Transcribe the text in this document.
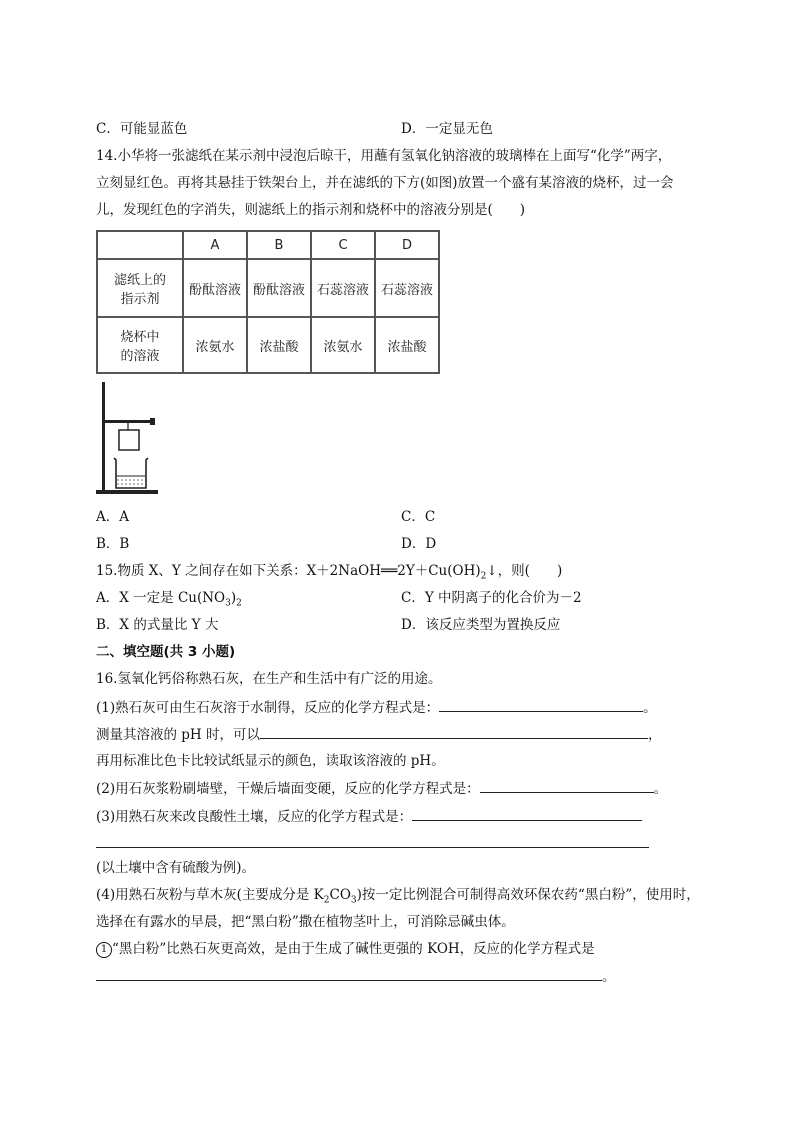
C．可能显蓝色	D．一定显无色
14.小华将一张滤纸在某示剂中浸泡后晾干，用蘸有氢氧化钠溶液的玻璃棒在上面写“化学”两字，
立刻显红色。再将其悬挂于铁架台上，并在滤纸的下方(如图)放置一个盛有某溶液的烧杯，过一会
儿，发现红色的字消失，则滤纸上的指示剂和烧杯中的溶液分别是(　　)
	A	B	C	D

滤纸上的
指示剂	酚酞溶液	酚酞溶液	石蕊溶液	石蕊溶液

烧杯中
的溶液	浓氨水	浓盐酸	浓氨水	浓盐酸
A．A	C．C
B．B	D．D
15.物质 X、Y 之间存在如下关系：$X+2NaOH══2Y+Cu(OH)_2↓$，则(　　)
A．X 一定是 $Cu(NO_3)_2$	C．Y 中阴离子的化合价为－2
B．X 的式量比 Y 大	D．该反应类型为置换反应
二、填空题(共 3 小题)
16.氢氧化钙俗称熟石灰，在生产和生活中有广泛的用途。
(1)熟石灰可由生石灰溶于水制得，反应的化学方程式是：	。
测量其溶液的 pH 时，可以	，
再用标准比色卡比较试纸显示的颜色，读取该溶液的 pH。
(2)用石灰浆粉刷墙壁，干燥后墙面变硬，反应的化学方程式是：	。
(3)用熟石灰来改良酸性土壤，反应的化学方程式是：
(以土壤中含有硫酸为例)。
(4)用熟石灰粉与草木灰(主要成分是 $K_2CO_3$)按一定比例混合可制得高效环保农药“黑白粉”，使用时，
选择在有露水的早晨，把“黑白粉”撒在植物茎叶上，可消除忌碱虫体。
1 “黑白粉”比熟石灰更高效，是由于生成了碱性更强的 KOH，反应的化学方程式是
。
